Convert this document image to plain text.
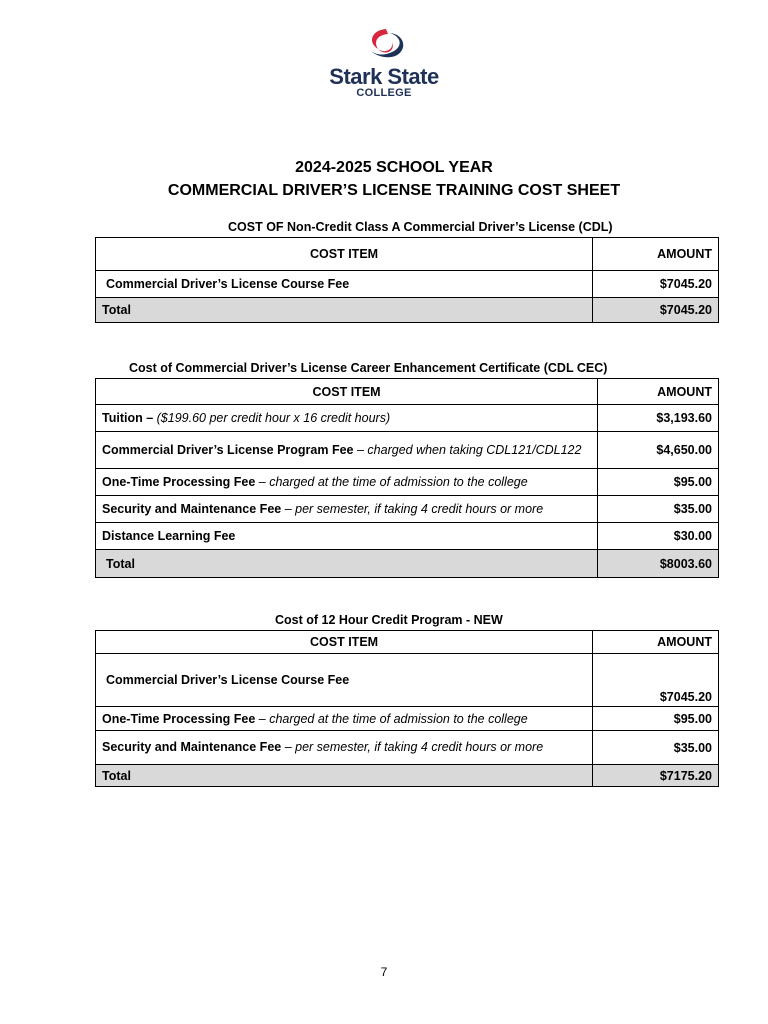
Stark State
COLLEGE
2024-2025 SCHOOL YEAR
COMMERCIAL DRIVER’S LICENSE TRAINING COST SHEET
COST OF Non-Credit Class A Commercial Driver’s License (CDL)
COST ITEM	AMOUNT
Commercial Driver’s License Course Fee	$7045.20
Total	$7045.20
Cost of Commercial Driver’s License Career Enhancement Certificate (CDL CEC)
COST ITEM	AMOUNT
Tuition – ($199.60 per credit hour x 16 credit hours)	$3,193.60
Commercial Driver’s License Program Fee – charged when taking CDL121/CDL122	$4,650.00
One-Time Processing Fee – charged at the time of admission to the college	$95.00
Security and Maintenance Fee – per semester, if taking 4 credit hours or more	$35.00
Distance Learning Fee	$30.00
Total	$8003.60
Cost of 12 Hour Credit Program - NEW
COST ITEM	AMOUNT
Commercial Driver’s License Course Fee	$7045.20
One-Time Processing Fee – charged at the time of admission to the college	$95.00
Security and Maintenance Fee – per semester, if taking 4 credit hours or more	$35.00
Total	$7175.20
7
